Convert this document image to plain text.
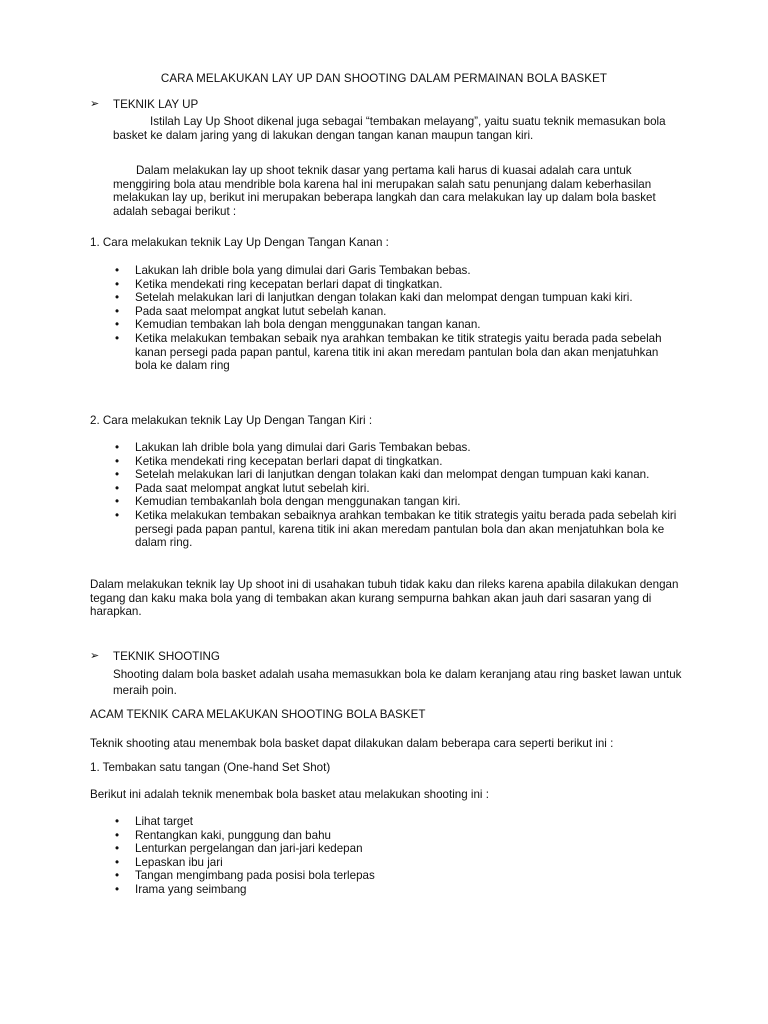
CARA MELAKUKAN LAY UP DAN SHOOTING DALAM PERMAINAN BOLA BASKET
➢ TEKNIK LAY UP

Istilah Lay Up Shoot dikenal juga sebagai “tembakan melayang”, yaitu suatu teknik memasukan bola basket ke dalam jaring yang di lakukan dengan tangan kanan maupun tangan kiri.

Dalam melakukan lay up shoot teknik dasar yang pertama kali harus di kuasai adalah cara untuk menggiring bola atau mendrible bola karena hal ini merupakan salah satu penunjang dalam keberhasilan melakukan lay up, berikut ini merupakan beberapa langkah dan cara melakukan lay up dalam bola basket adalah sebagai berikut :

1. Cara melakukan teknik Lay Up Dengan Tangan Kanan :
• Lakukan lah drible bola yang dimulai dari Garis Tembakan bebas.
• Ketika mendekati ring kecepatan berlari dapat di tingkatkan.
• Setelah melakukan lari di lanjutkan dengan tolakan kaki dan melompat dengan tumpuan kaki kiri.
• Pada saat melompat angkat lutut sebelah kanan.
• Kemudian tembakan lah bola dengan menggunakan tangan kanan.
• Ketika melakukan tembakan sebaik nya arahkan tembakan ke titik strategis yaitu berada pada sebelah kanan persegi pada papan pantul, karena titik ini akan meredam pantulan bola dan akan menjatuhkan bola ke dalam ring
2. Cara melakukan teknik Lay Up Dengan Tangan Kiri :
• Lakukan lah drible bola yang dimulai dari Garis Tembakan bebas.
• Ketika mendekati ring kecepatan berlari dapat di tingkatkan.
• Setelah melakukan lari di lanjutkan dengan tolakan kaki dan melompat dengan tumpuan kaki kanan.
• Pada saat melompat angkat lutut sebelah kiri.
• Kemudian tembakanlah bola dengan menggunakan tangan kiri.
• Ketika melakukan tembakan sebaiknya arahkan tembakan ke titik strategis yaitu berada pada sebelah kiri persegi pada papan pantul, karena titik ini akan meredam pantulan bola dan akan menjatuhkan bola ke dalam ring.

Dalam melakukan teknik lay Up shoot ini di usahakan tubuh tidak kaku dan rileks karena apabila dilakukan dengan tegang dan kaku maka bola yang di tembakan akan kurang sempurna bahkan akan jauh dari sasaran yang di harapkan.

➢ TEKNIK SHOOTING

Shooting dalam bola basket adalah usaha memasukkan bola ke dalam keranjang atau ring basket lawan untuk meraih poin.

ACAM TEKNIK CARA MELAKUKAN SHOOTING BOLA BASKET
Teknik shooting atau menembak bola basket dapat dilakukan dalam beberapa cara seperti berikut ini :
1. Tembakan satu tangan (One-hand Set Shot)
Berikut ini adalah teknik menembak bola basket atau melakukan shooting ini :
• Lihat target
• Rentangkan kaki, punggung dan bahu
• Lenturkan pergelangan dan jari-jari kedepan
• Lepaskan ibu jari
• Tangan mengimbang pada posisi bola terlepas
• Irama yang seimbang
